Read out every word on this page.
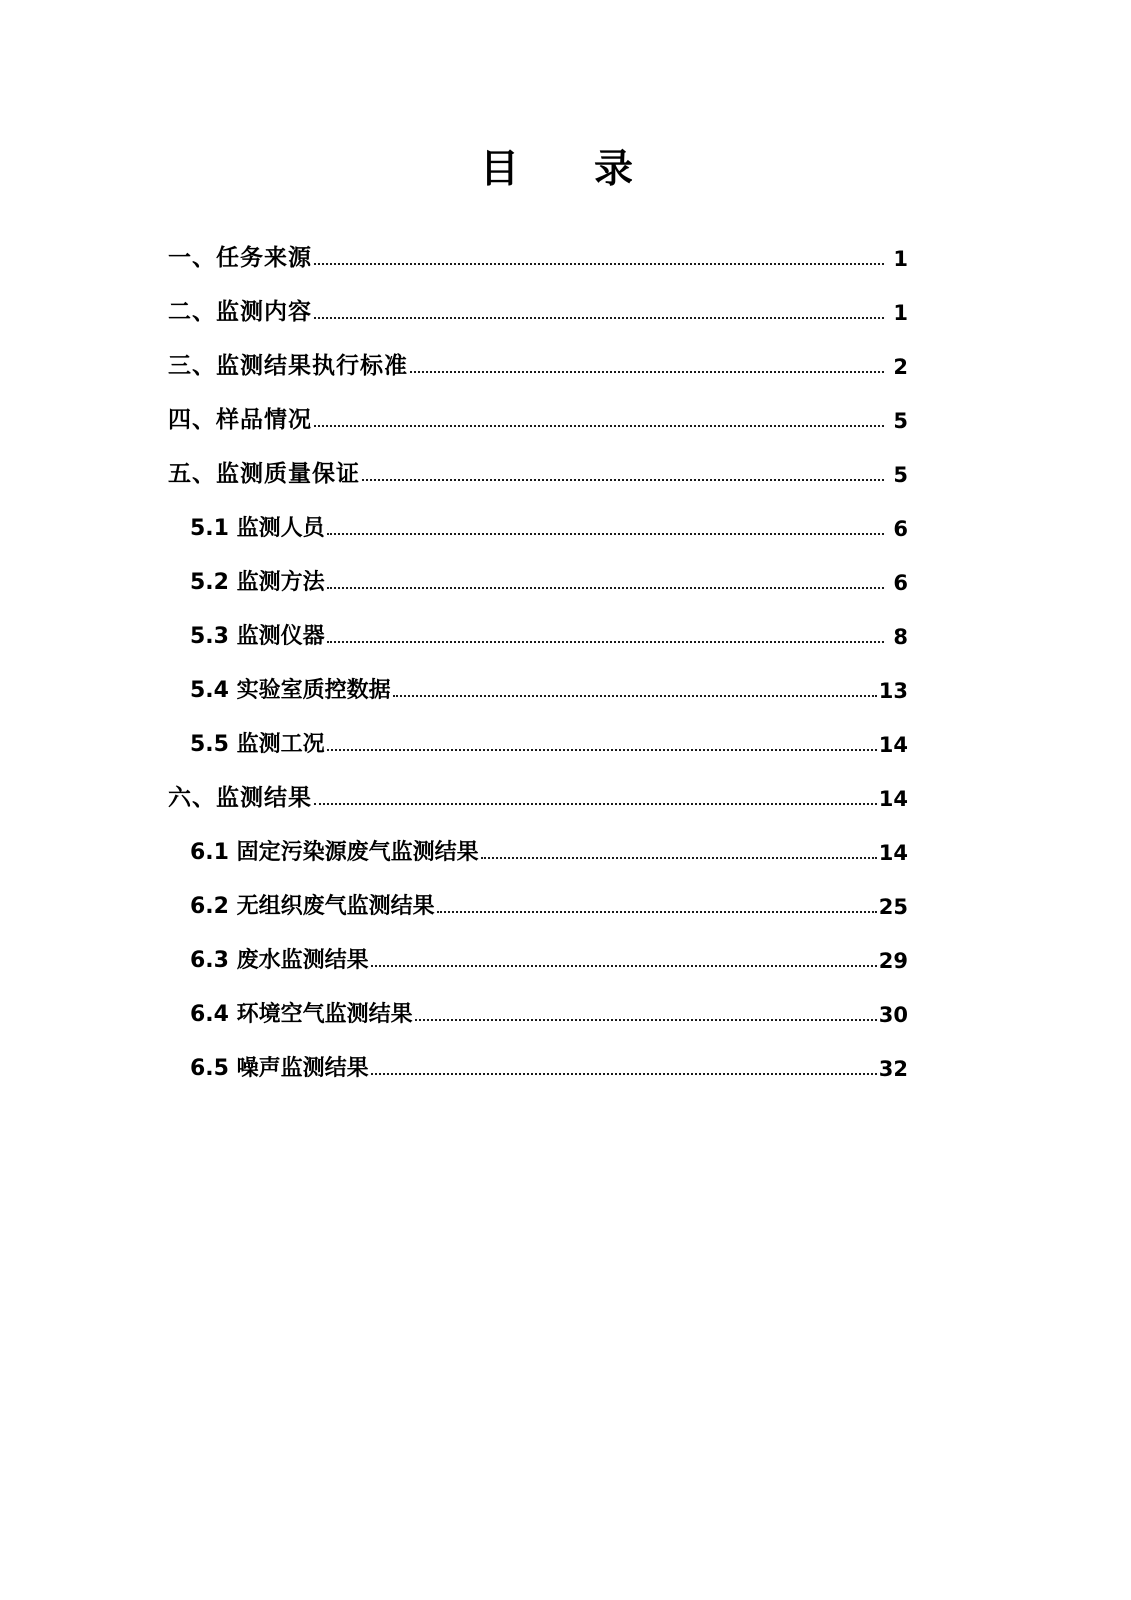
目　录
一、任务来源	1
二、监测内容	1
三、监测结果执行标准	2
四、样品情况	5
五、监测质量保证	5
5.1 监测人员	6
5.2 监测方法	6
5.3 监测仪器	8
5.4 实验室质控数据	13
5.5 监测工况	14
六、监测结果	14
6.1 固定污染源废气监测结果	14
6.2 无组织废气监测结果	25
6.3 废水监测结果	29
6.4 环境空气监测结果	30
6.5 噪声监测结果	32
